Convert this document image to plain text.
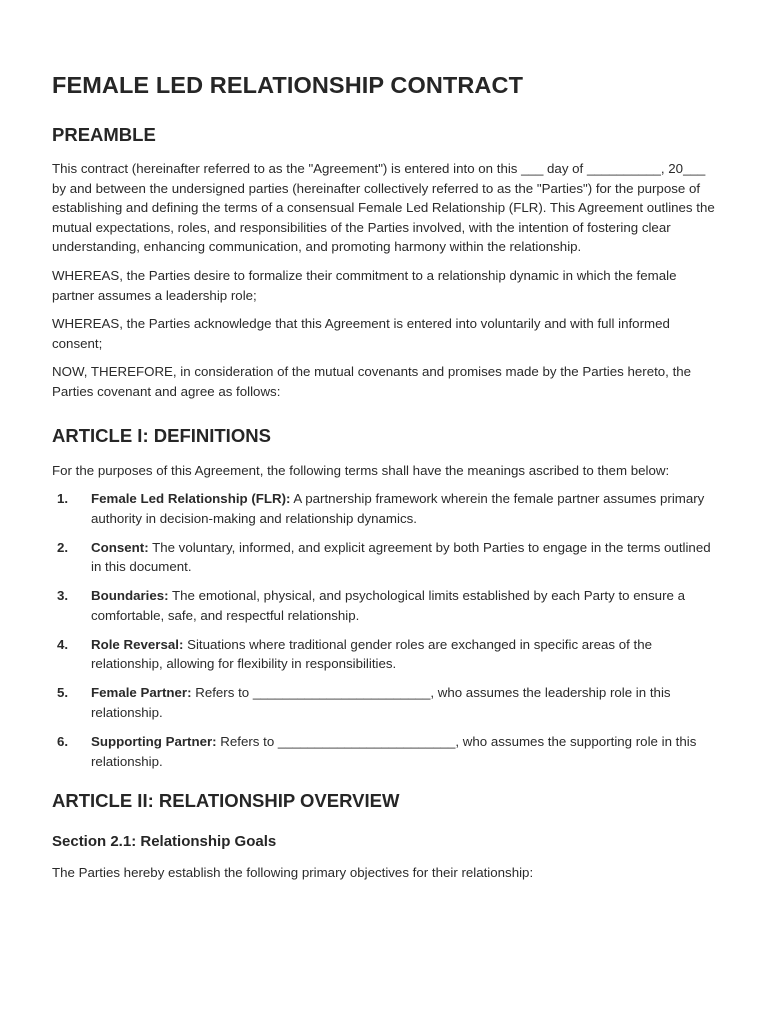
FEMALE LED RELATIONSHIP CONTRACT
PREAMBLE

This contract (hereinafter referred to as the "Agreement") is entered into on this ___ day of __________, 20___ by and between the undersigned parties (hereinafter collectively referred to as the "Parties") for the purpose of establishing and defining the terms of a consensual Female Led Relationship (FLR). This Agreement outlines the mutual expectations, roles, and responsibilities of the Parties involved, with the intention of fostering clear understanding, enhancing communication, and promoting harmony within the relationship.

WHEREAS, the Parties desire to formalize their commitment to a relationship dynamic in which the female partner assumes a leadership role;

WHEREAS, the Parties acknowledge that this Agreement is entered into voluntarily and with full informed consent;

NOW, THEREFORE, in consideration of the mutual covenants and promises made by the Parties hereto, the Parties covenant and agree as follows:

ARTICLE I: DEFINITIONS

For the purposes of this Agreement, the following terms shall have the meanings ascribed to them below:

1. Female Led Relationship (FLR): A partnership framework wherein the female partner assumes primary authority in decision-making and relationship dynamics.
2. Consent: The voluntary, informed, and explicit agreement by both Parties to engage in the terms outlined in this document.
3. Boundaries: The emotional, physical, and psychological limits established by each Party to ensure a comfortable, safe, and respectful relationship.
4. Role Reversal: Situations where traditional gender roles are exchanged in specific areas of the relationship, allowing for flexibility in responsibilities.
5. Female Partner: Refers to ________________________, who assumes the leadership role in this relationship.
6. Supporting Partner: Refers to ________________________, who assumes the supporting role in this relationship.
ARTICLE II: RELATIONSHIP OVERVIEW
Section 2.1: Relationship Goals

The Parties hereby establish the following primary objectives for their relationship:
